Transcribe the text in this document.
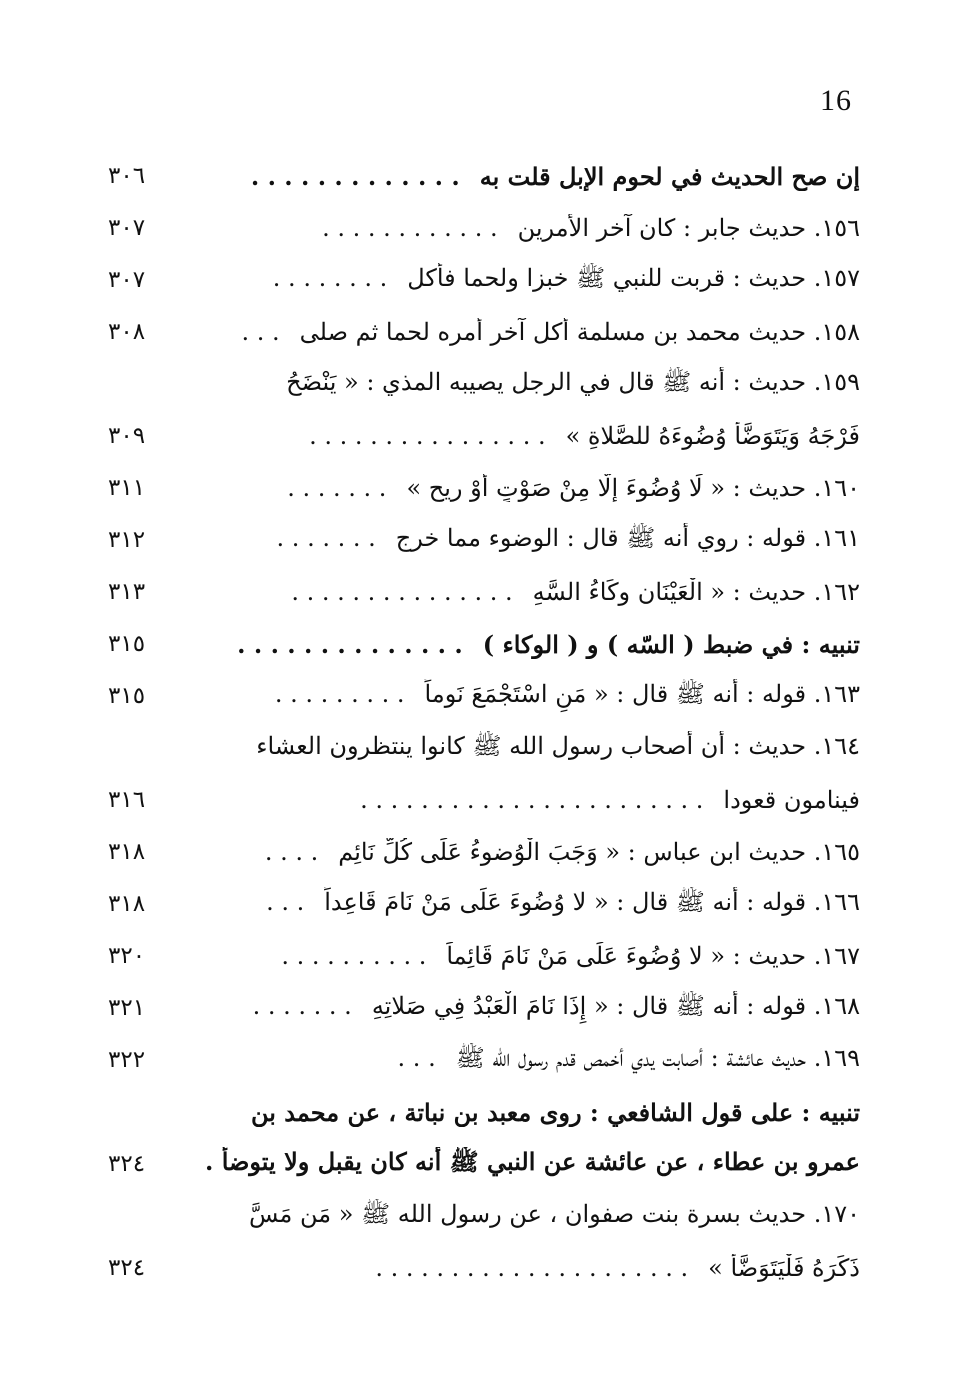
16
٣٠٦	إن صح الحديث في لحوم الإبل قلت به. . . . . . . . . . . . .
٣٠٧	١٥٦. حديث جابر : كان آخر الأمرين. . . . . . . . . . . .
٣٠٧	١٥٧. حديث : قربت للنبي ﷺ خبزا ولحما فأكل. . . . . . . .
٣٠٨	١٥٨. حديث محمد بن مسلمة أكل آخر أمره لحما ثم صلى. . .
١٥٩. حديث : أنه ﷺ قال في الرجل يصيبه المذي : « يَنْضَحُ
٣٠٩	فَرْجَهُ وَيَتَوَضَّأ وُضُوءَهُ للصَّلاةِ ». . . . . . . . . . . . . . . .
٣١١	١٦٠. حديث : « لَا وُضُوءَ إلَّا مِنْ صَوْتٍ أَوْ رِيحٍ ». . . . . . .
٣١٢	١٦١. قوله : روي أنه ﷺ قال : الوضوء مما خرج. . . . . . .
٣١٣	١٦٢. حديث : « الْعَيْنَانِ وِكَاءُ السَّهِ. . . . . . . . . . . . . . .
٣١٥	تنبيه : في ضبط ( السّه ) و ( الوكاء ). . . . . . . . . . . . . .
٣١٥	١٦٣. قوله : أنه ﷺ قال : « مَنِ اسْتَجْمَعَ نَوماً. . . . . . . . .
١٦٤. حديث : أن أصحاب رسول الله ﷺ كانوا ينتظرون العشاء
٣١٦	فينامون قعودا. . . . . . . . . . . . . . . . . . . . . . .
٣١٨	١٦٥. حديث ابن عباس : « وَجَبَ الْوُضوءُ عَلَى كُلِّ نَائِمٍ. . . .
٣١٨	١٦٦. قوله : أنه ﷺ قال : « لا وُضُوءَ عَلَى مَنْ نَامَ قَاعِداً. . .
٣٢٠	١٦٧. حديث : « لا وُضُوءَ عَلَى مَنْ نَامَ قَائِماً. . . . . . . . . .
٣٢١	١٦٨. قوله : أنه ﷺ قال : « إِذَا نَامَ الْعَبْدُ فِي صَلاتِهِ. . . . . . .
٣٢٢	١٦٩. حديث عائشة : أصابت يدي أخمص قدم رسول الله ﷺ. . .
تنبيه : على قول الشافعي : روى معبد بن نباتة ، عن محمد بن
٣٢٤	عمرو بن عطاء ، عن عائشة عن النبي ﷺ أنه كان يقبل ولا يتوضأ .
١٧٠. حديث بسرة بنت صفوان ، عن رسول الله ﷺ « مَن مَسَّ
٣٢٤	ذَكَرَهُ فَلْيَتَوَضَّأْ ». . . . . . . . . . . . . . . . . . . . .
